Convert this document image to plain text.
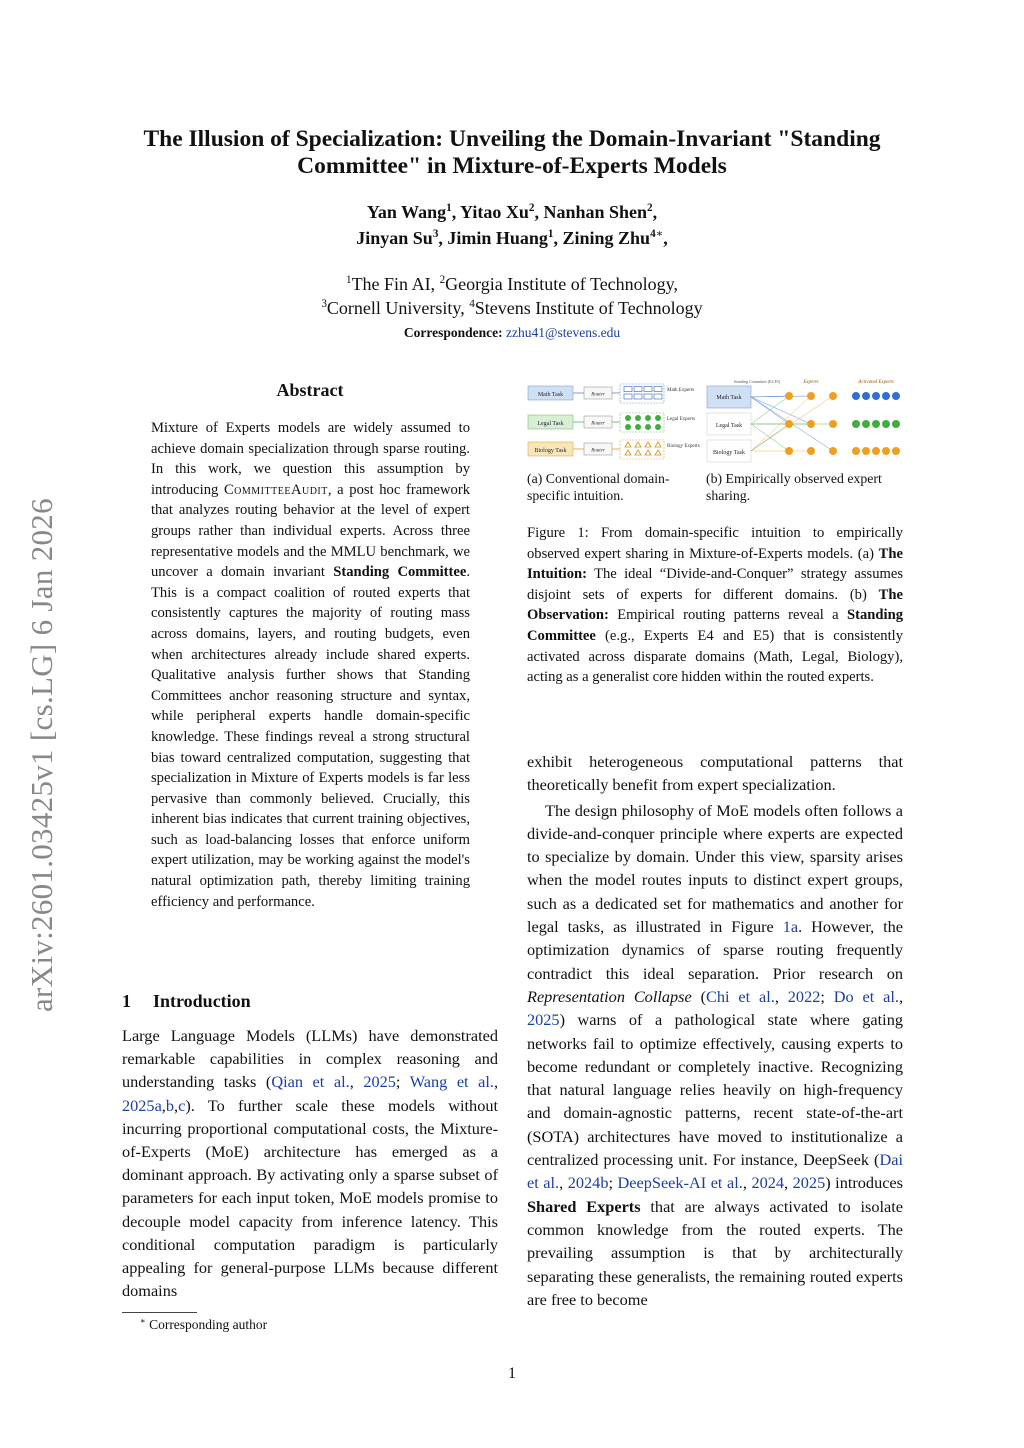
The Illusion of Specialization: Unveiling the Domain-Invariant "Standing
Committee" in Mixture-of-Experts Models
Yan Wang$^1$, Yitao Xu$^2$, Nanhan Shen$^2$,
Jinyan Su$^3$, Jimin Huang$^1$, Zining Zhu$^{4∗}$,
$^1$The Fin AI, $^2$Georgia Institute of Technology,
$^3$Cornell University, $^4$Stevens Institute of Technology
Correspondence: zzhu41@stevens.edu
arXiv:2601.03425v1 [cs.LG] 6 Jan 2026
Abstract
Mixture of Experts models are widely assumed to achieve domain specialization through sparse routing. In this work, we question this assumption by introducing CommitteeAudit, a post hoc framework that analyzes routing behavior at the level of expert groups rather than individual experts. Across three representative models and the MMLU benchmark, we uncover a domain invariant Standing Committee. This is a compact coalition of routed experts that consistently captures the majority of routing mass across domains, layers, and routing budgets, even when architectures already include shared experts. Qualitative analysis further shows that Standing Committees anchor reasoning structure and syntax, while peripheral experts handle domain-specific knowledge. These findings reveal a strong structural bias toward centralized computation, suggesting that specialization in Mixture of Experts models is far less pervasive than commonly believed. Crucially, this inherent bias indicates that current training objectives, such as load-balancing losses that enforce uniform expert utilization, may be working against the model's natural optimization path, thereby limiting training efficiency and performance.
1 Introduction
Large Language Models (LLMs) have demonstrated remarkable capabilities in complex reasoning and understanding tasks (Qian et al., 2025; Wang et al., 2025a,b,c). To further scale these models without incurring proportional computational costs, the Mixture-of-Experts (MoE) architecture has emerged as a dominant approach. By activating only a sparse subset of parameters for each input token, MoE models promise to decouple model capacity from inference latency. This conditional computation paradigm is particularly appealing for general-purpose LLMs because different domains
∗ Corresponding author
Math Task	Router
Math Experts
Legal Task	Router
Legal Experts
Biology Task	Router
Biology Experts
Standing Committee (E4,E5)	Experts	Activated Experts
Math Task
Legal Task
Biology Task
(a) Conventional domain-specific intuition.
(b) Empirically observed expert sharing.
Figure 1: From domain-specific intuition to empirically observed expert sharing in Mixture-of-Experts models. (a) The Intuition: The ideal “Divide-and-Conquer” strategy assumes disjoint sets of experts for different domains. (b) The Observation: Empirical routing patterns reveal a Standing Committee (e.g., Experts E4 and E5) that is consistently activated across disparate domains (Math, Legal, Biology), acting as a generalist core hidden within the routed experts.

exhibit heterogeneous computational patterns that theoretically benefit from expert specialization.

The design philosophy of MoE models often follows a divide-and-conquer principle where experts are expected to specialize by domain. Under this view, sparsity arises when the model routes inputs to distinct expert groups, such as a dedicated set for mathematics and another for legal tasks, as illustrated in Figure 1a. However, the optimization dynamics of sparse routing frequently contradict this ideal separation. Prior research on Representation Collapse (Chi et al., 2022; Do et al., 2025) warns of a pathological state where gating networks fail to optimize effectively, causing experts to become redundant or completely inactive. Recognizing that natural language relies heavily on high-frequency and domain-agnostic patterns, recent state-of-the-art (SOTA) architectures have moved to institutionalize a centralized processing unit. For instance, DeepSeek (Dai et al., 2024b; DeepSeek-AI et al., 2024, 2025) introduces Shared Experts that are always activated to isolate common knowledge from the routed experts. The prevailing assumption is that by architecturally separating these generalists, the remaining routed experts are free to become

1
